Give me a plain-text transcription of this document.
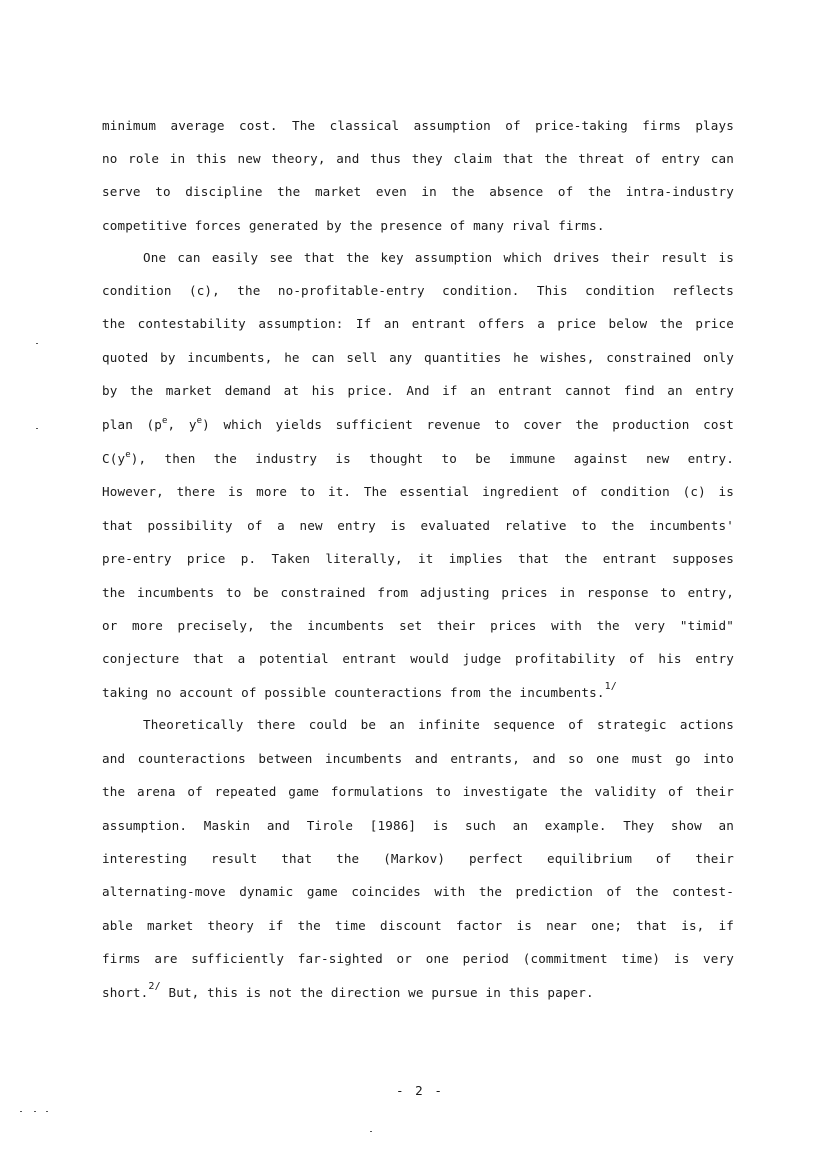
minimum average cost. The classical assumption of price-taking firms plays
no role in this new theory, and thus they claim that the threat of entry can
serve to discipline the market even in the absence of the intra-industry
competitive forces generated by the presence of many rival firms.
One can easily see that the key assumption which drives their result is
condition (c), the no-profitable-entry condition. This condition reflects
the contestability assumption: If an entrant offers a price below the price
quoted by incumbents, he can sell any quantities he wishes, constrained only
by the market demand at his price. And if an entrant cannot find an entry
plan ($p^e$, $y^e$) which yields sufficient revenue to cover the production cost
$C(y^e)$, then the industry is thought to be immune against new entry.
However, there is more to it. The essential ingredient of condition (c) is
that possibility of a new entry is evaluated relative to the incumbents'
pre-entry price p. Taken literally, it implies that the entrant supposes
the incumbents to be constrained from adjusting prices in response to entry,
or more precisely, the incumbents set their prices with the very "timid"
conjecture that a potential entrant would judge profitability of his entry
taking no account of possible counteractions from the incumbents.$^{1/}$
Theoretically there could be an infinite sequence of strategic actions
and counteractions between incumbents and entrants, and so one must go into
the arena of repeated game formulations to investigate the validity of their
assumption. Maskin and Tirole [1986] is such an example. They show an
interesting result that the (Markov) perfect equilibrium of their
alternating-move dynamic game coincides with the prediction of the contest-
able market theory if the time discount factor is near one; that is, if
firms are sufficiently far-sighted or one period (commitment time) is very
short.$^{2/}$ But, this is not the direction we pursue in this paper.
- 2 -
